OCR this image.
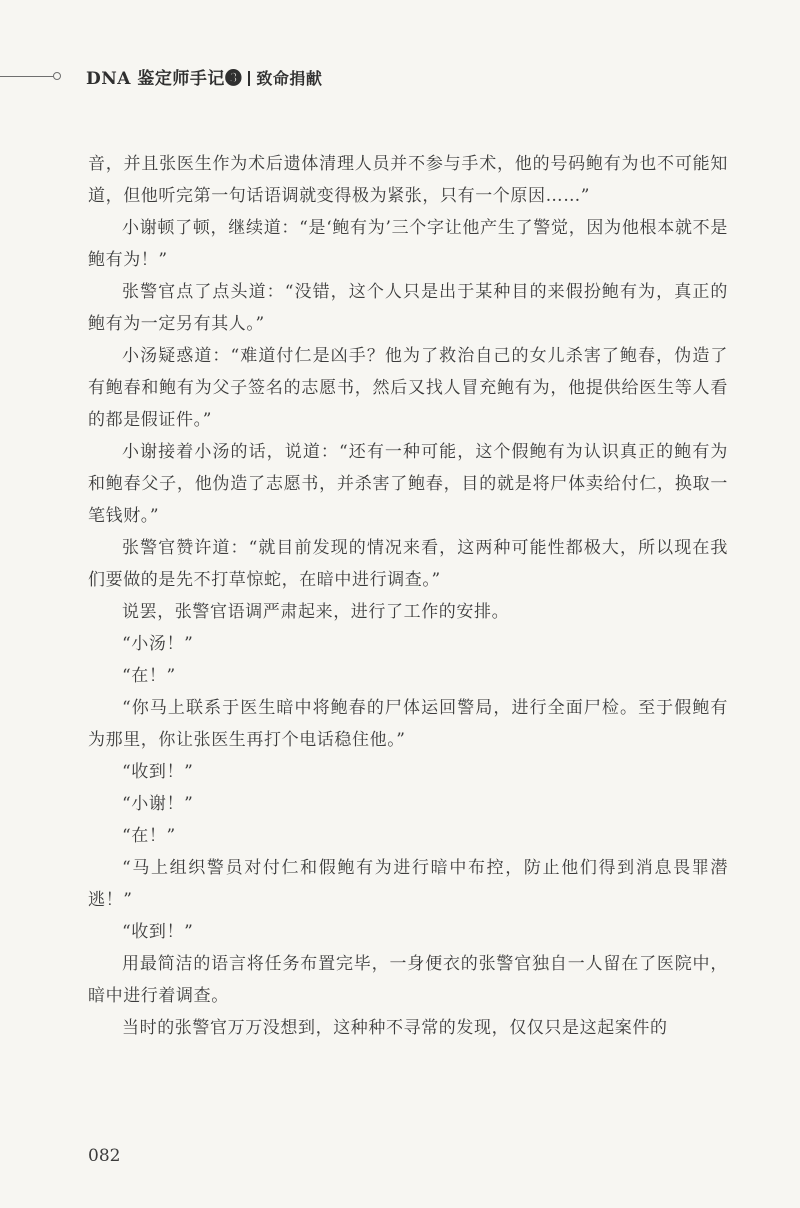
DNA 鉴定师手记❸ 致命捐献

音，并且张医生作为术后遗体清理人员并不参与手术，他的号码鲍有为也不可能知道，但他听完第一句话语调就变得极为紧张，只有一个原因……”

小谢顿了顿，继续道：“是‘鲍有为’三个字让他产生了警觉，因为他根本就不是鲍有为！”

张警官点了点头道：“没错，这个人只是出于某种目的来假扮鲍有为，真正的鲍有为一定另有其人。”

小汤疑惑道：“难道付仁是凶手？他为了救治自己的女儿杀害了鲍春，伪造了有鲍春和鲍有为父子签名的志愿书，然后又找人冒充鲍有为，他提供给医生等人看的都是假证件。”

小谢接着小汤的话，说道：“还有一种可能，这个假鲍有为认识真正的鲍有为和鲍春父子，他伪造了志愿书，并杀害了鲍春，目的就是将尸体卖给付仁，换取一笔钱财。”

张警官赞许道：“就目前发现的情况来看，这两种可能性都极大，所以现在我们要做的是先不打草惊蛇，在暗中进行调查。”

说罢，张警官语调严肃起来，进行了工作的安排。

“小汤！”

“在！”

“你马上联系于医生暗中将鲍春的尸体运回警局，进行全面尸检。至于假鲍有为那里，你让张医生再打个电话稳住他。”

“收到！”

“小谢！”

“在！”

“马上组织警员对付仁和假鲍有为进行暗中布控，防止他们得到消息畏罪潜逃！”

“收到！”

用最简洁的语言将任务布置完毕，一身便衣的张警官独自一人留在了医院中，暗中进行着调查。

当时的张警官万万没想到，这种种不寻常的发现，仅仅只是这起案件的

082
